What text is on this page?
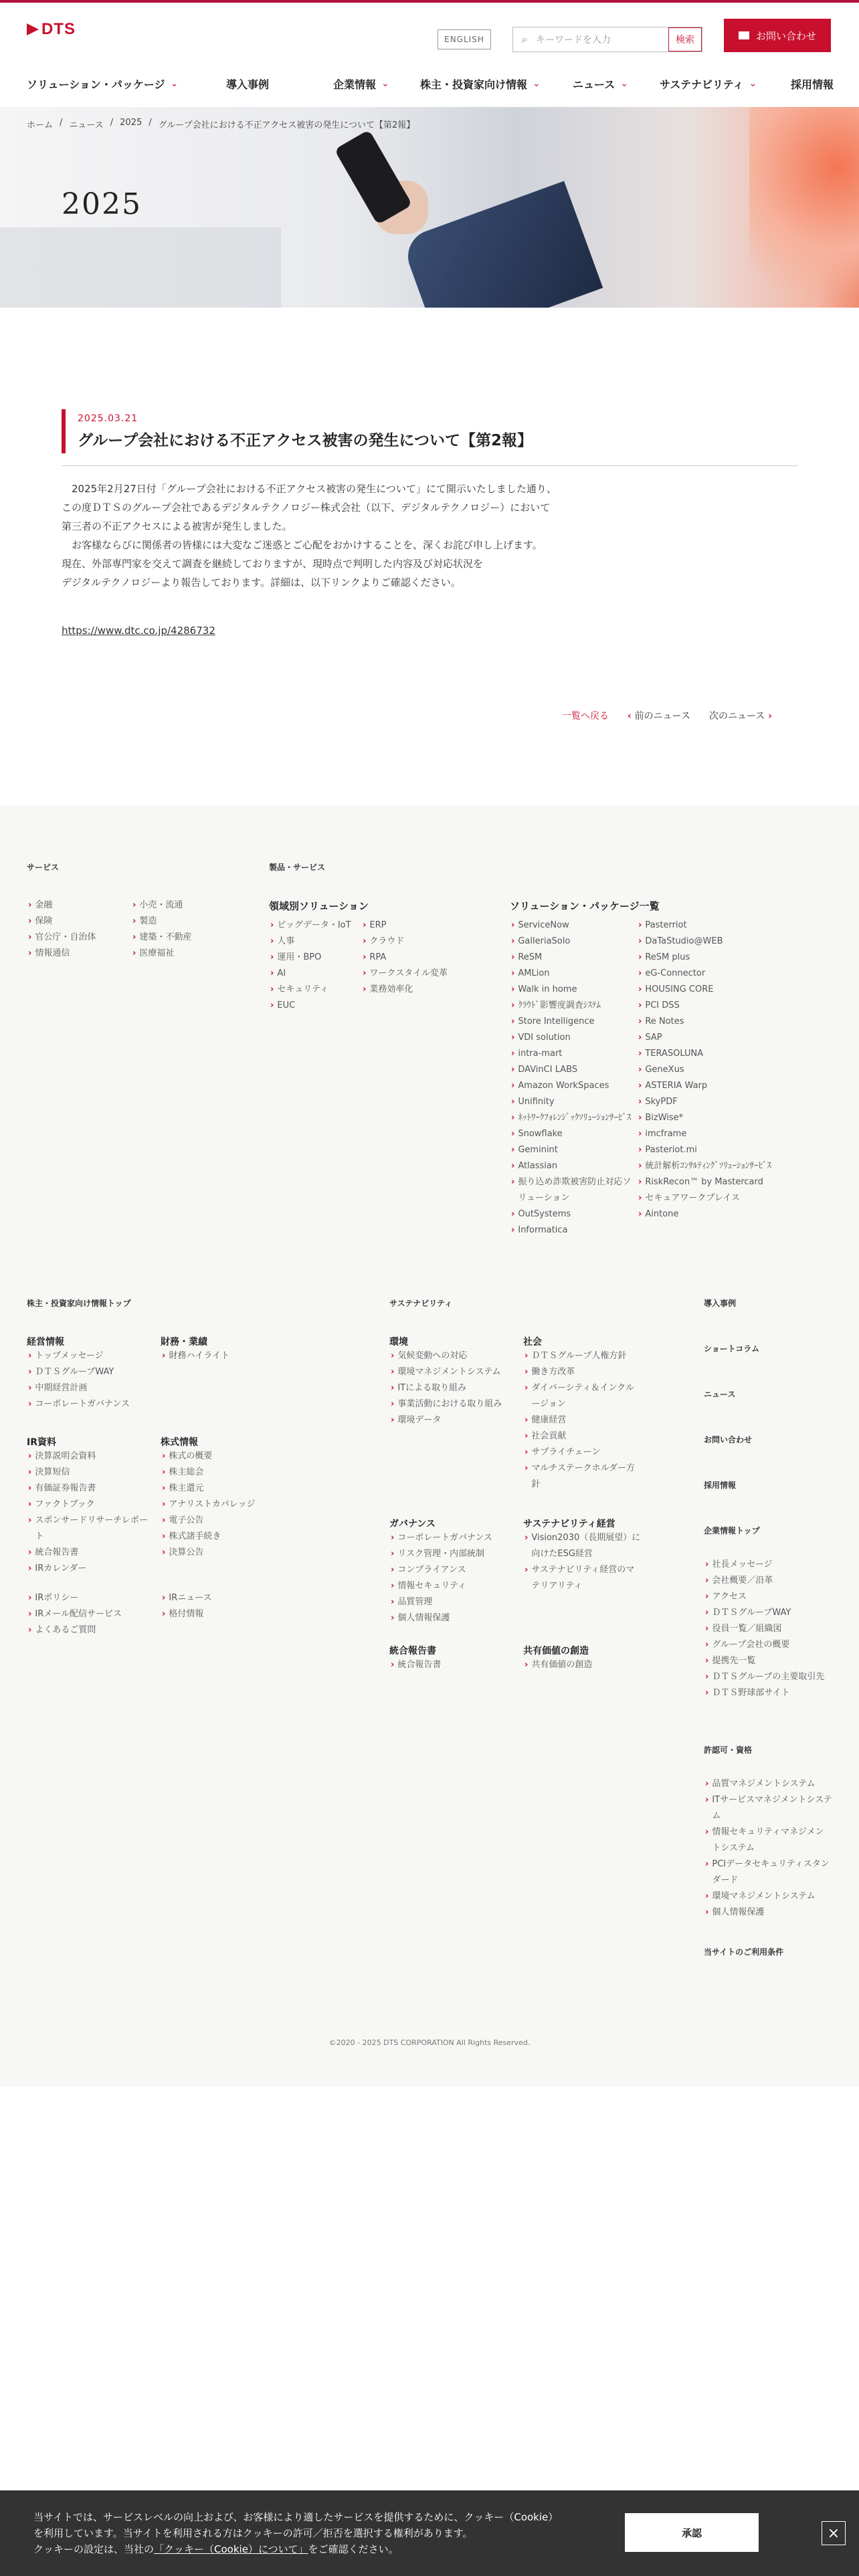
DTS
ENGLISH	⌕ キーワードを入力	検索	お問い合わせ
ソリューション・パッケージ ⌄	導入事例	企業情報 ⌄	株主・投資家向け情報 ⌄	ニュース ⌄	サステナビリティ ⌄	採用情報
ホーム / ニュース / 2025 / グループ会社における不正アクセス被害の発生について【第2報】
2025
2025.03.21
グループ会社における不正アクセス被害の発生について【第2報】
　2025年2月27日付「グループ会社における不正アクセス被害の発生について」にて開示いたしました通り、
この度ＤＴＳのグループ会社であるデジタルテクノロジー株式会社（以下、デジタルテクノロジー）において
第三者の不正アクセスによる被害が発生しました。
　お客様ならびに関係者の皆様には大変なご迷惑とご心配をおかけすることを、深くお詫び申し上げます。
現在、外部専門家を交えて調査を継続しておりますが、現時点で判明した内容及び対応状況を
デジタルテクノロジーより報告しております。詳細は、以下リンクよりご確認ください。
https://www.dtc.co.jp/4286732
一覧へ戻る ‹ 前のニュース 次のニュース ›
サービス	製品・サービス
› 金融
› 保険
› 官公庁・自治体
› 情報通信
› 小売・流通
› 製造
› 建築・不動産
› 医療福祉
領域別ソリューション
› ビッグデータ・IoT
› 人事
› 運用・BPO
› AI
› セキュリティ
› EUC
› ERP
› クラウド
› RPA
› ワークスタイル変革
› 業務効率化
ソリューション・パッケージ一覧
› ServiceNow
› GalleriaSolo
› ReSM
› AMLion
› Walk in home
› ｸﾗｳﾄﾞ影響度調査ｼｽﾃﾑ
› Store Intelligence
› VDI solution
› intra-mart
› DAVinCI LABS
› Amazon WorkSpaces
› Unifinity
› ﾈｯﾄﾜｰｸﾌｫﾚﾝｼﾞｯｸｿﾘｭｰｼｮﾝｻｰﾋﾞｽ
› Snowflake
› Geminint
› Atlassian
› 振り込め詐欺被害防止対応ソリューション
› OutSystems
› Informatica
› Pasterriot
› DaTaStudio@WEB
› ReSM plus
› eG-Connector
› HOUSING CORE
› PCI DSS
› Re Notes
› SAP
› TERASOLUNA
› GeneXus
› ASTERIA Warp
› SkyPDF
› BizWise*
› imcframe
› Pasteriot.mi
› 統計解析ｺﾝｻﾙﾃｨﾝｸﾞｿﾘｭｰｼｮﾝｻｰﾋﾞｽ
› RiskRecon™ by Mastercard
› セキュアワークプレイス
› Aintone
株主・投資家向け情報トップ
経営情報
› トップメッセージ
› ＤＴＳグループWAY
› 中期経営計画
› コーポレートガバナンス
財務・業績
› 財務ハイライト
IR資料
› 決算説明会資料
› 決算短信
› 有価証券報告書
› ファクトブック
› スポンサードリサーチレポート
› 統合報告書
› IRカレンダー
株式情報
› 株式の概要
› 株主総会
› 株主還元
› アナリストカバレッジ
› 電子公告
› 株式諸手続き
› 決算公告
› IRポリシー
› IRメール配信サービス
› よくあるご質問
› IRニュース
› 格付情報
サステナビリティ
環境
› 気候変動への対応
› 環境マネジメントシステム
› ITによる取り組み
› 事業活動における取り組み
› 環境データ
社会
› ＤＴＳグループ人権方針
› 働き方改革
› ダイバーシティ＆インクルージョン
› 健康経営
› 社会貢献
› サプライチェーン
› マルチステークホルダー方針
ガバナンス
› コーポレートガバナンス
› リスク管理・内部統制
› コンプライアンス
› 情報セキュリティ
› 品質管理
› 個人情報保護
サステナビリティ経営
› Vision2030（長期展望）に向けたESG経営
› サステナビリティ経営のマテリアリティ
統合報告書
› 統合報告書
共有価値の創造
› 共有価値の創造
導入事例
ショートコラム
ニュース
お問い合わせ
採用情報
企業情報トップ
› 社長メッセージ
› 会社概要／沿革
› アクセス
› ＤＴＳグループWAY
› 役員一覧／組織図
› グループ会社の概要
› 提携先一覧
› ＤＴＳグループの主要取引先
› ＤＴＳ野球部サイト
許認可・資格
› 品質マネジメントシステム
› ITサービスマネジメントシステム
› 情報セキュリティマネジメントシステム
› PCIデータセキュリティスタンダード
› 環境マネジメントシステム
› 個人情報保護
当サイトのご利用条件
©2020 - 2025 DTS CORPORATION All Rights Reserved.
当サイトでは、サービスレベルの向上および、お客様により適したサービスを提供するために、クッキー（Cookie）
を利用しています。当サイトを利用される方はクッキーの許可／拒否を選択する権利があります。
クッキーの設定は、当社の「クッキー（Cookie）について」をご確認ください。
承認	×
